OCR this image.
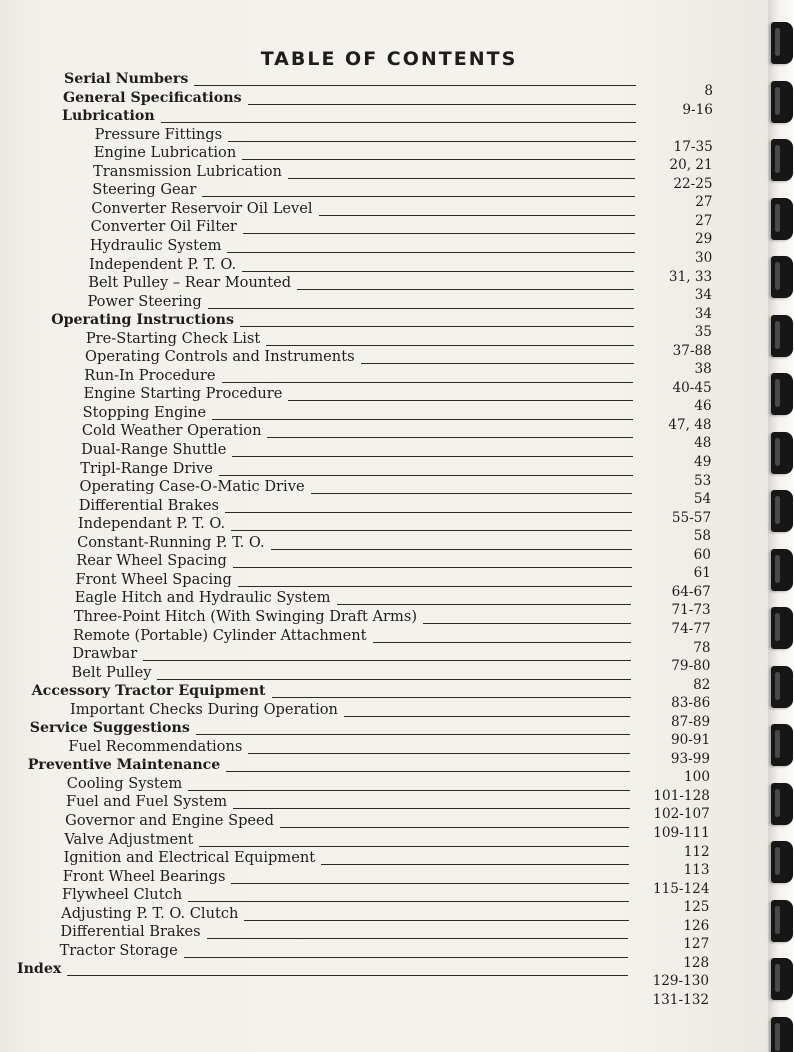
TABLE OF CONTENTS
Serial Numbers
8
General Specifications
9-16
Lubrication
Pressure Fittings
17-35
Engine Lubrication
20, 21
Transmission Lubrication
22-25
Steering Gear
27
Converter Reservoir Oil Level
27
Converter Oil Filter
29
Hydraulic System
30
Independent P. T. O.
31, 33
Belt Pulley – Rear Mounted
34
Power Steering
34
Operating Instructions
35
Pre-Starting Check List
37-88
Operating Controls and Instruments
38
Run-In Procedure
40-45
Engine Starting Procedure
46
Stopping Engine
47, 48
Cold Weather Operation
48
Dual-Range Shuttle
49
Tripl-Range Drive
53
Operating Case-O-Matic Drive
54
Differential Brakes
55-57
Independant P. T. O.
58
Constant-Running P. T. O.
60
Rear Wheel Spacing
61
Front Wheel Spacing
64-67
Eagle Hitch and Hydraulic System
71-73
Three-Point Hitch (With Swinging Draft Arms)
74-77
Remote (Portable) Cylinder Attachment
78
Drawbar
79-80
Belt Pulley
82
Accessory Tractor Equipment
83-86
Important Checks During Operation
87-89
Service Suggestions
90-91
Fuel Recommendations
93-99
Preventive Maintenance
100
Cooling System
101-128
Fuel and Fuel System
102-107
Governor and Engine Speed
109-111
Valve Adjustment
112
Ignition and Electrical Equipment
113
Front Wheel Bearings
115-124
Flywheel Clutch
125
Adjusting P. T. O. Clutch
126
Differential Brakes
127
Tractor Storage
128
Index
129-130
131-132
